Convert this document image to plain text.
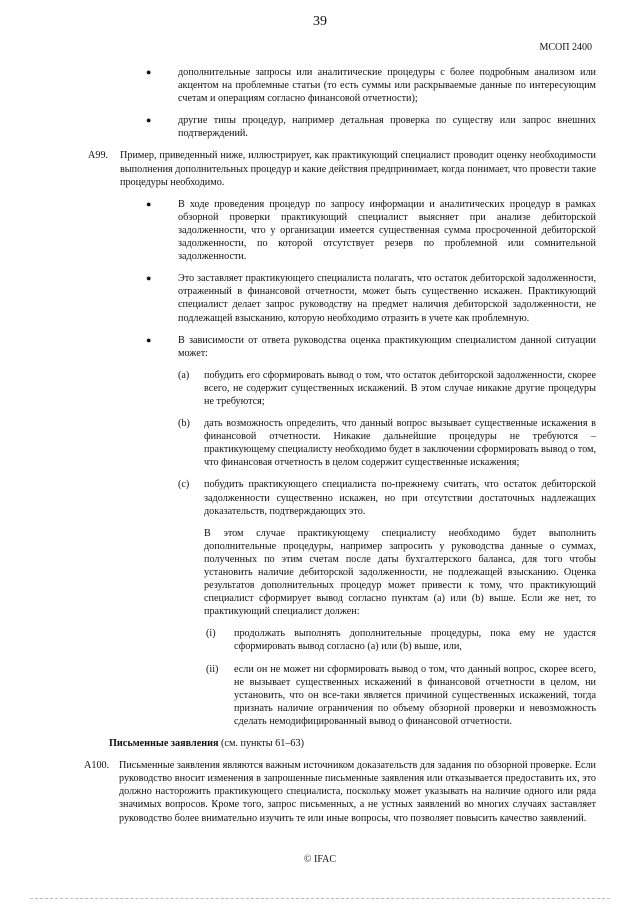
39
МСОП 2400
●	дополнительные запросы или аналитические процедуры с более подробным анализом или акцентом на проблемные статьи (то есть суммы или раскрываемые данные по интересующим счетам и операциям согласно финансовой отчетности);
●	другие типы процедур, например детальная проверка по существу или запрос внешних подтверждений.
A99. Пример, приведенный ниже, иллюстрирует, как практикующий специалист проводит оценку необходимости выполнения дополнительных процедур и какие действия предпринимает, когда понимает, что провести такие процедуры необходимо.
●	В ходе проведения процедур по запросу информации и аналитических процедур в рамках обзорной проверки практикующий специалист выясняет при анализе дебиторской задолженности, что у организации имеется существенная сумма просроченной дебиторской задолженности, по которой отсутствует резерв по проблемной или сомнительной задолженности.
●	Это заставляет практикующего специалиста полагать, что остаток дебиторской задолженности, отраженный в финансовой отчетности, может быть существенно искажен. Практикующий специалист делает запрос руководству на предмет наличия дебиторской задолженности, не подлежащей взысканию, которую необходимо отразить в учете как проблемную.
●	В зависимости от ответа руководства оценка практикующим специалистом данной ситуации может:
(a) побудить его сформировать вывод о том, что остаток дебиторской задолженности, скорее всего, не содержит существенных искажений. В этом случае никакие другие процедуры не требуются;
(b) дать возможность определить, что данный вопрос вызывает существенные искажения в финансовой отчетности. Никакие дальнейшие процедуры не требуются – практикующему специалисту необходимо будет в заключении сформировать вывод о том, что финансовая отчетность в целом содержит существенные искажения;
(c) побудить практикующего специалиста по-прежнему считать, что остаток дебиторской задолженности существенно искажен, но при отсутствии достаточных надлежащих доказательств, подтверждающих это.
В этом случае практикующему специалисту необходимо будет выполнить дополнительные процедуры, например запросить у руководства данные о суммах, полученных по этим счетам после даты бухгалтерского баланса, для того чтобы установить наличие дебиторской задолженности, не подлежащей взысканию. Оценка результатов дополнительных процедур может привести к тому, что практикующий специалист сформирует вывод согласно пунктам (a) или (b) выше. Если же нет, то практикующий специалист должен:
(i) продолжать выполнять дополнительные процедуры, пока ему не удастся сформировать вывод согласно (a) или (b) выше, или,
(ii) если он не может ни сформировать вывод о том, что данный вопрос, скорее всего, не вызывает существенных искажений в финансовой отчетности в целом, ни установить, что он все-таки является причиной существенных искажений, тогда признать наличие ограничения по объему обзорной проверки и невозможность сделать немодифицированный вывод о финансовой отчетности.
Письменные заявления (см. пункты 61–63)
A100. Письменные заявления являются важным источником доказательств для задания по обзорной проверке. Если руководство вносит изменения в запрошенные письменные заявления или отказывается предоставить их, это должно насторожить практикующего специалиста, поскольку может указывать на наличие одного или ряда значимых вопросов. Кроме того, запрос письменных, а не устных заявлений во многих случаях заставляет руководство более внимательно изучить те или иные вопросы, что позволяет повысить качество заявлений.
© IFAC
